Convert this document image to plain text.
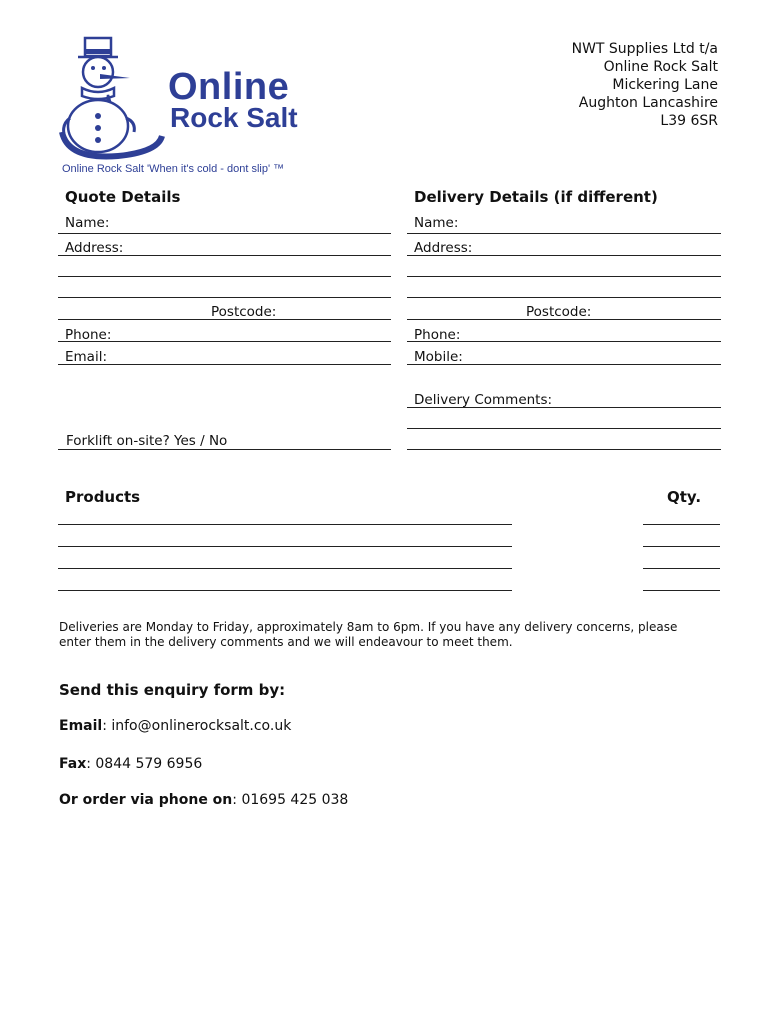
Online
Rock Salt
Online Rock Salt 'When it's cold - dont slip' ™
NWT Supplies Ltd t/a
Online Rock Salt
Mickering Lane
Aughton Lancashire
L39 6SR
Quote Details
Name:
Address:
Postcode:
Phone:
Email:
Forklift on-site? Yes / No
Delivery Details (if different)
Name:
Address:
Postcode:
Phone:
Mobile:
Delivery Comments:
Products	Qty.
Deliveries are Monday to Friday, approximately 8am to 6pm. If you have any delivery concerns, please enter them in the delivery comments and we will endeavour to meet them.
Send this enquiry form by:
Email: info@onlinerocksalt.co.uk
Fax: 0844 579 6956
Or order via phone on: 01695 425 038
